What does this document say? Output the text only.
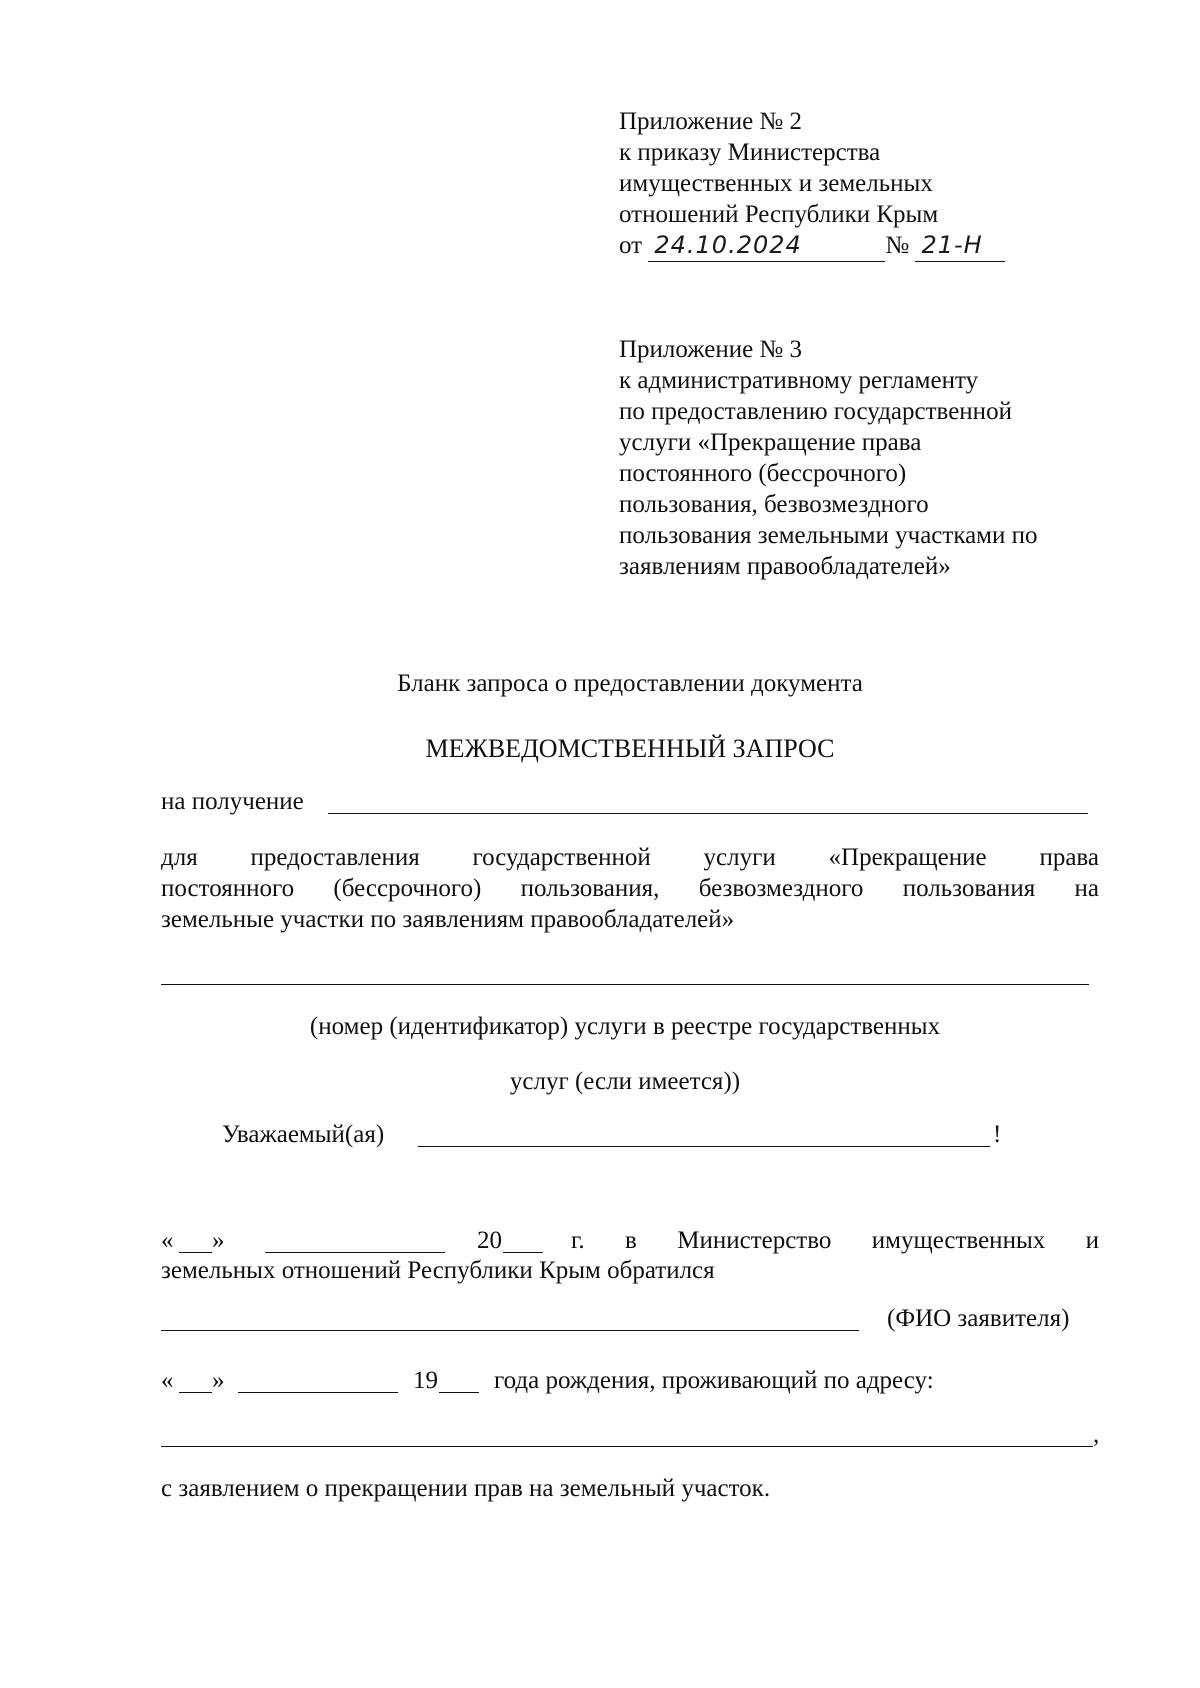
Приложение № 2
к приказу Министерства
имущественных и земельных
отношений Республики Крым
от 24.10.2024	№ 21-Н
Приложение № 3
к административному регламенту
по предоставлению государственной
услуги «Прекращение права
постоянного (бессрочного)
пользования, безвозмездного
пользования земельными участками по
заявлениям правообладателей»
Бланк запроса о предоставлении документа
МЕЖВЕДОМСТВЕННЫЙ ЗАПРОС
на получение
для предоставления государственной услуги «Прекращение права
постоянного (бессрочного) пользования, безвозмездного пользования на
земельные участки по заявлениям правообладателей»
(номер (идентификатор) услуги в реестре государственных
услуг (если имеется))
Уважаемый(ая)	!
« »	20	г. в Министерство имущественных и
земельных отношений Республики Крым обратился
(ФИО заявителя)
« »	19 года рождения, проживающий по адресу:
,
с заявлением о прекращении прав на земельный участок.
